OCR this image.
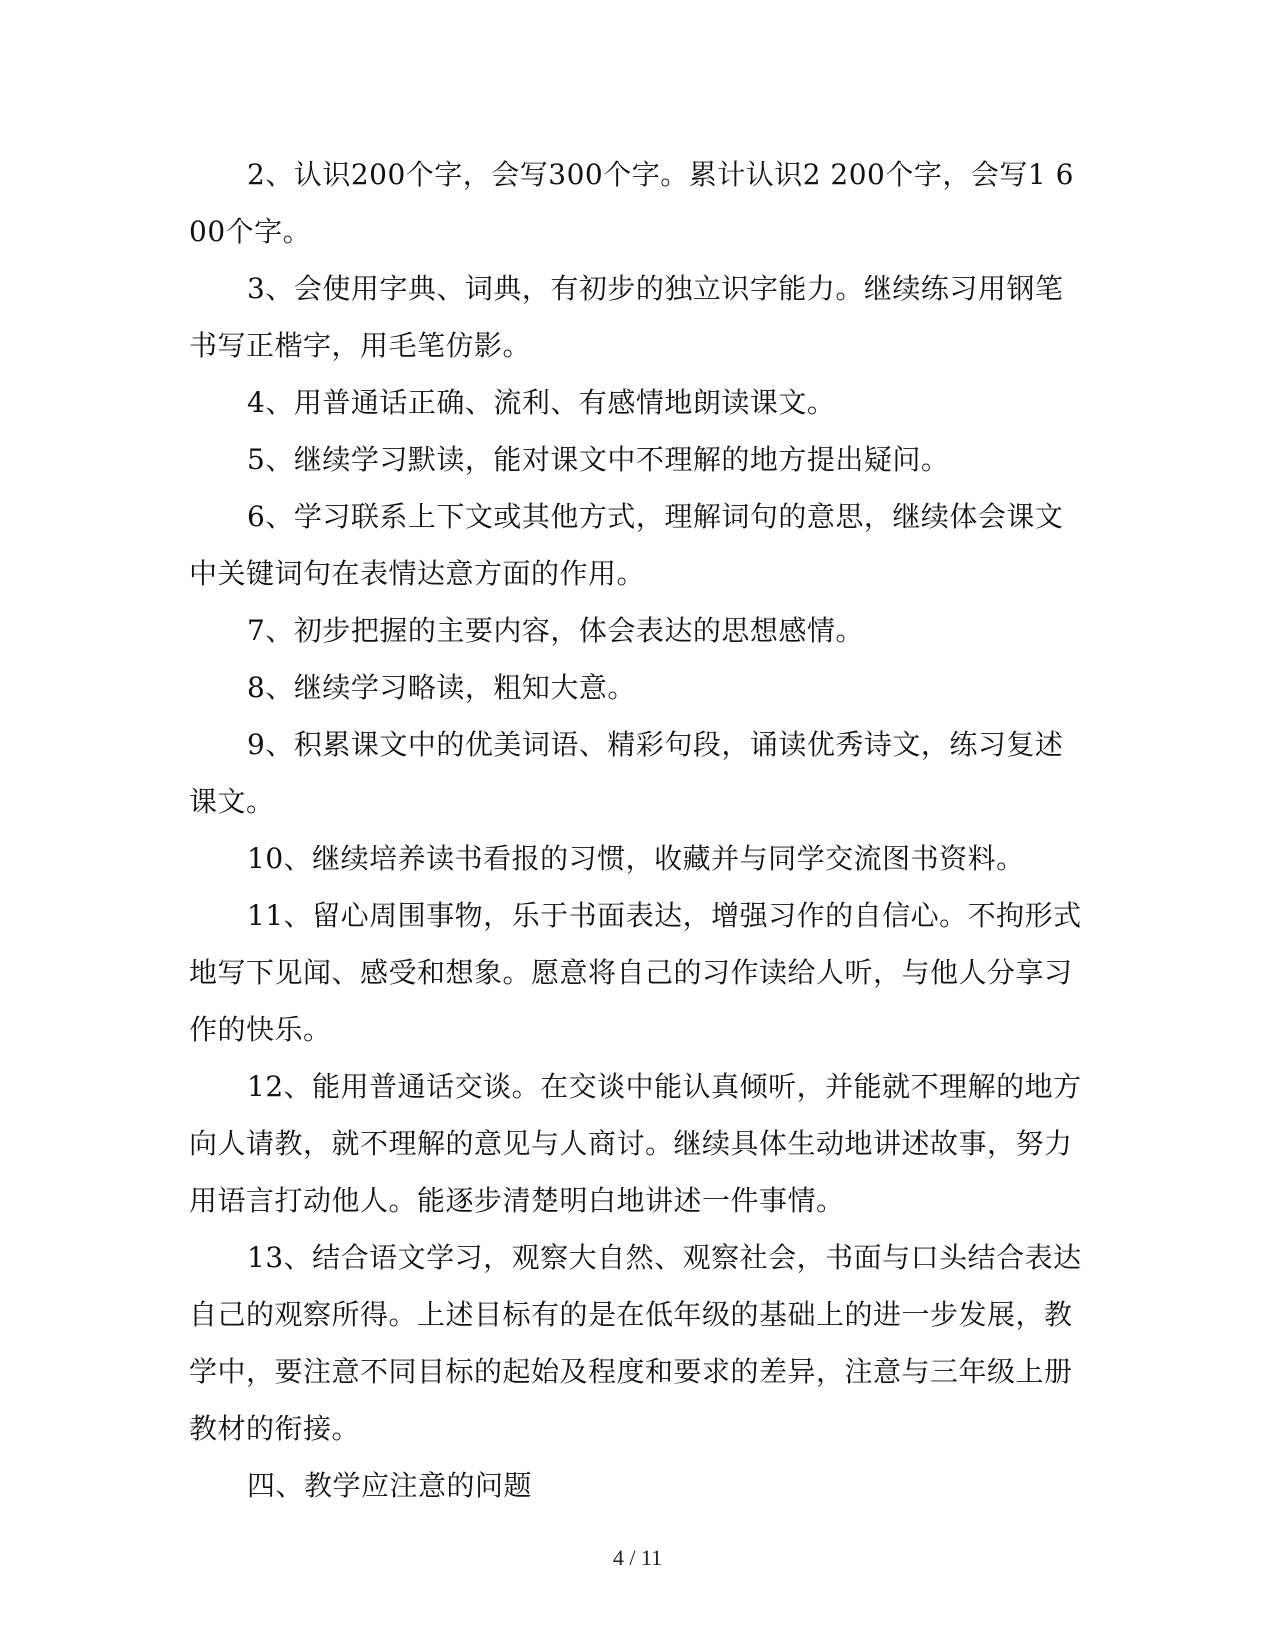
2、认识200个字，会写300个字。累计认识2 200个字，会写1 600个字。

3、会使用字典、词典，有初步的独立识字能力。继续练习用钢笔书写正楷字，用毛笔仿影。

4、用普通话正确、流利、有感情地朗读课文。

5、继续学习默读，能对课文中不理解的地方提出疑问。

6、学习联系上下文或其他方式，理解词句的意思，继续体会课文中关键词句在表情达意方面的作用。

7、初步把握的主要内容，体会表达的思想感情。

8、继续学习略读，粗知大意。

9、积累课文中的优美词语、精彩句段，诵读优秀诗文，练习复述课文。

10、继续培养读书看报的习惯，收藏并与同学交流图书资料。

11、留心周围事物，乐于书面表达，增强习作的自信心。不拘形式地写下见闻、感受和想象。愿意将自己的习作读给人听，与他人分享习作的快乐。

12、能用普通话交谈。在交谈中能认真倾听，并能就不理解的地方向人请教，就不理解的意见与人商讨。继续具体生动地讲述故事，努力用语言打动他人。能逐步清楚明白地讲述一件事情。

13、结合语文学习，观察大自然、观察社会，书面与口头结合表达自己的观察所得。上述目标有的是在低年级的基础上的进一步发展，教学中，要注意不同目标的起始及程度和要求的差异，注意与三年级上册教材的衔接。

四、教学应注意的问题

4 / 11
